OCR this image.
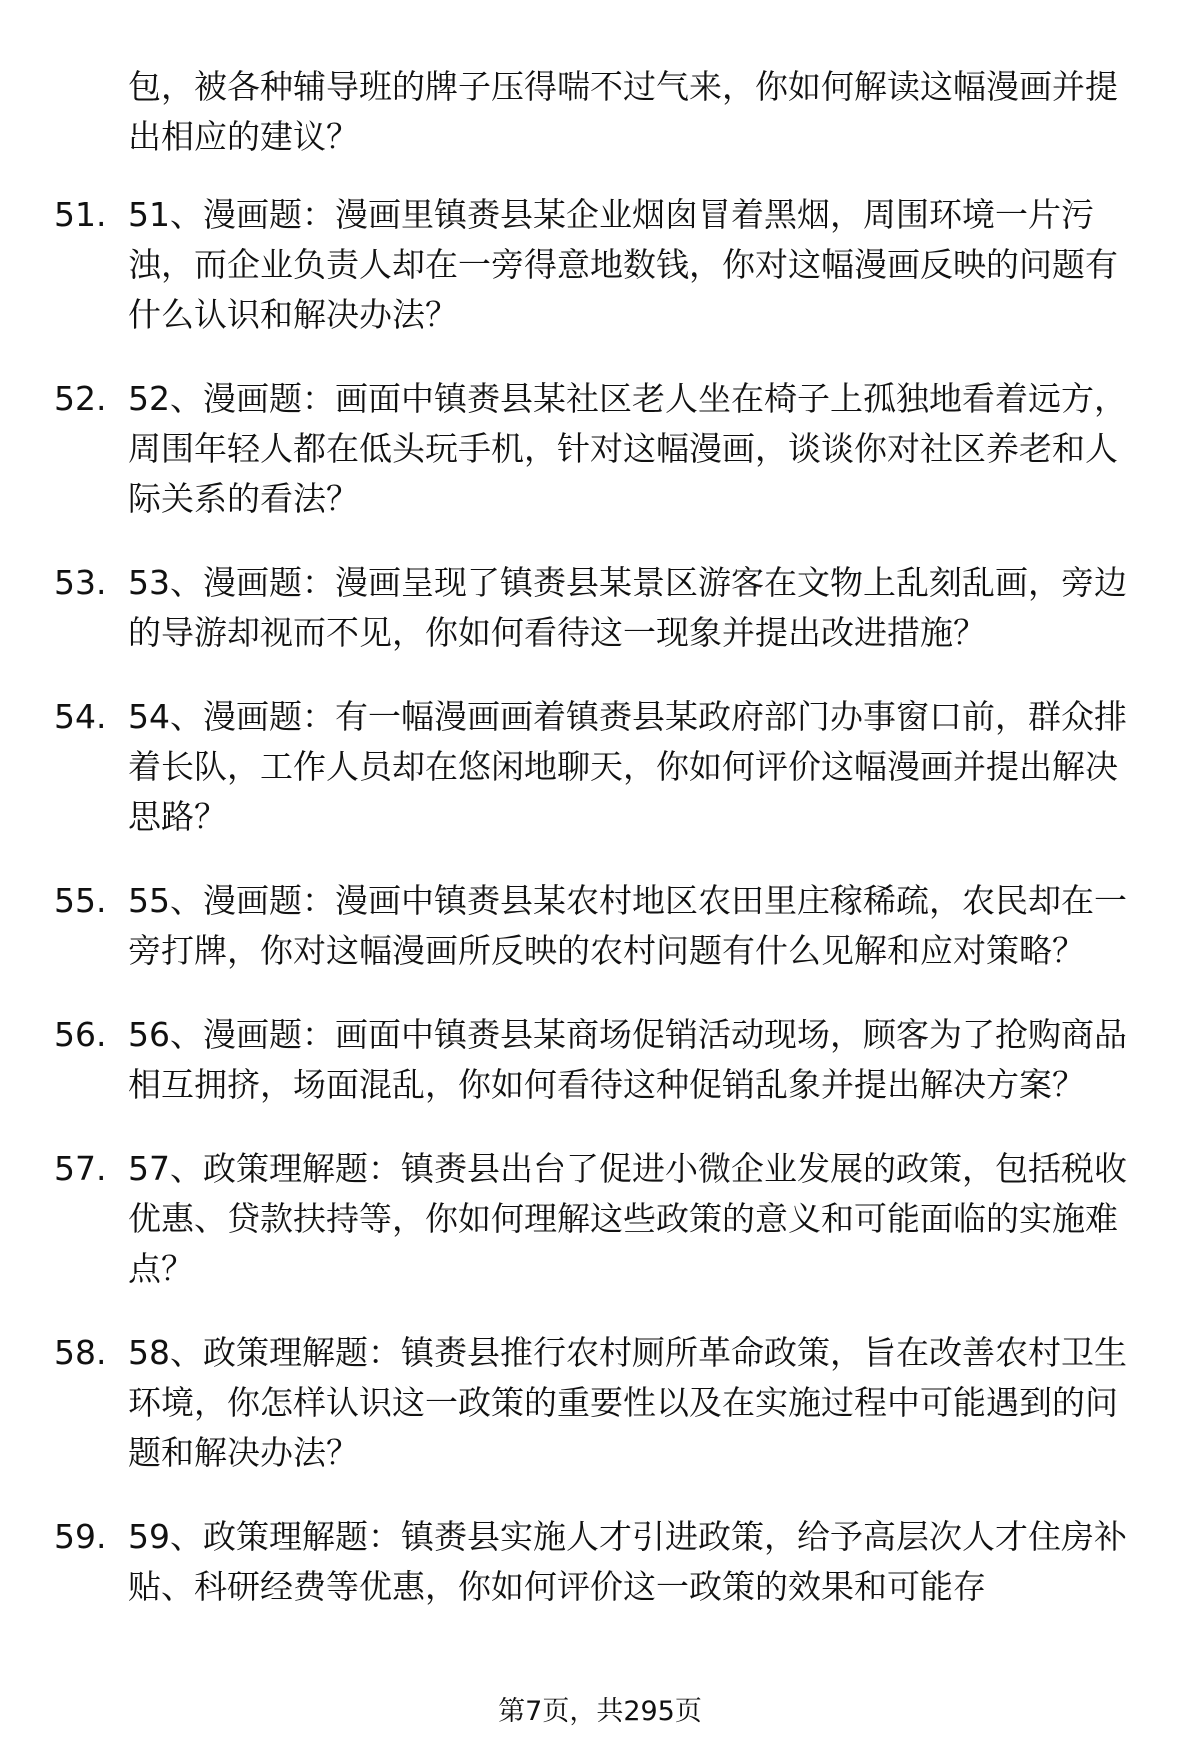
包，被各种辅导班的牌子压得喘不过气来，你如何解读这幅漫画并提出相应的建议？
51. 51、漫画题：漫画里镇赉县某企业烟囱冒着黑烟，周围环境一片污浊，而企业负责人却在一旁得意地数钱，你对这幅漫画反映的问题有什么认识和解决办法？
52. 52、漫画题：画面中镇赉县某社区老人坐在椅子上孤独地看着远方，周围年轻人都在低头玩手机，针对这幅漫画，谈谈你对社区养老和人际关系的看法？
53. 53、漫画题：漫画呈现了镇赉县某景区游客在文物上乱刻乱画，旁边的导游却视而不见，你如何看待这一现象并提出改进措施？
54. 54、漫画题：有一幅漫画画着镇赉县某政府部门办事窗口前，群众排着长队，工作人员却在悠闲地聊天，你如何评价这幅漫画并提出解决思路？
55. 55、漫画题：漫画中镇赉县某农村地区农田里庄稼稀疏，农民却在一旁打牌，你对这幅漫画所反映的农村问题有什么见解和应对策略？
56. 56、漫画题：画面中镇赉县某商场促销活动现场，顾客为了抢购商品相互拥挤，场面混乱，你如何看待这种促销乱象并提出解决方案？
57. 57、政策理解题：镇赉县出台了促进小微企业发展的政策，包括税收优惠、贷款扶持等，你如何理解这些政策的意义和可能面临的实施难点？
58. 58、政策理解题：镇赉县推行农村厕所革命政策，旨在改善农村卫生环境，你怎样认识这一政策的重要性以及在实施过程中可能遇到的问题和解决办法？
59. 59、政策理解题：镇赉县实施人才引进政策，给予高层次人才住房补贴、科研经费等优惠，你如何评价这一政策的效果和可能存
第7页，共295页
